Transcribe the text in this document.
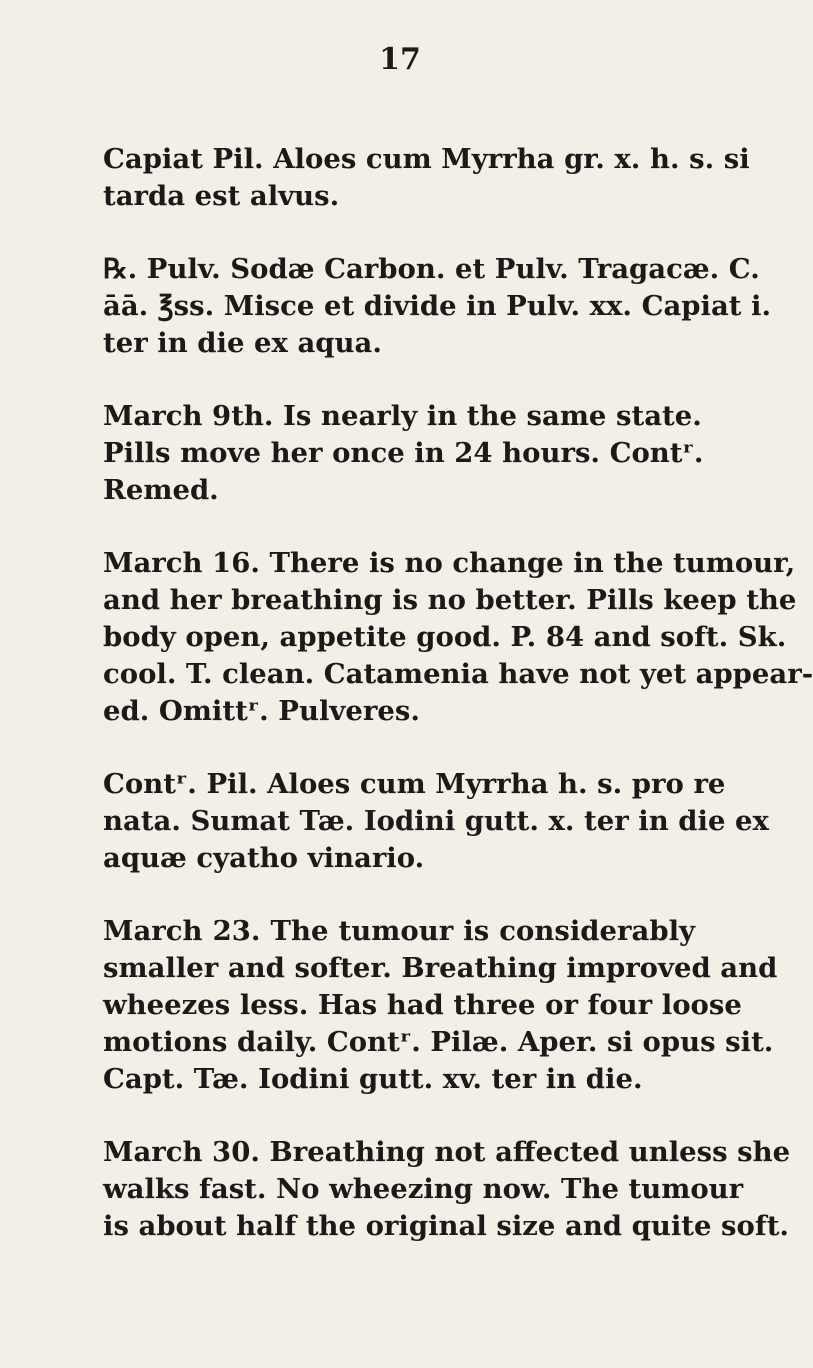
17
Capiat Pil. Aloes cum Myrrha gr. x. h. s. si
tarda est alvus.
℞. Pulv. Sodæ Carbon. et Pulv. Tragacæ. C.
āā. ℥ss. Misce et divide in Pulv. xx. Capiat i.
ter in die ex aqua.
March 9th. Is nearly in the same state.
Pills move her once in 24 hours. Contʳ.
Remed.
March 16. There is no change in the tumour,
and her breathing is no better. Pills keep the
body open, appetite good. P. 84 and soft. Sk.
cool. T. clean. Catamenia have not yet appear-
ed. Omittʳ. Pulveres.
Contʳ. Pil. Aloes cum Myrrha h. s. pro re
nata. Sumat Tæ. Iodini gutt. x. ter in die ex
aquæ cyatho vinario.
March 23. The tumour is considerably
smaller and softer. Breathing improved and
wheezes less. Has had three or four loose
motions daily. Contʳ. Pilæ. Aper. si opus sit.
Capt. Tæ. Iodini gutt. xv. ter in die.
March 30. Breathing not affected unless she
walks fast. No wheezing now. The tumour
is about half the original size and quite soft.
